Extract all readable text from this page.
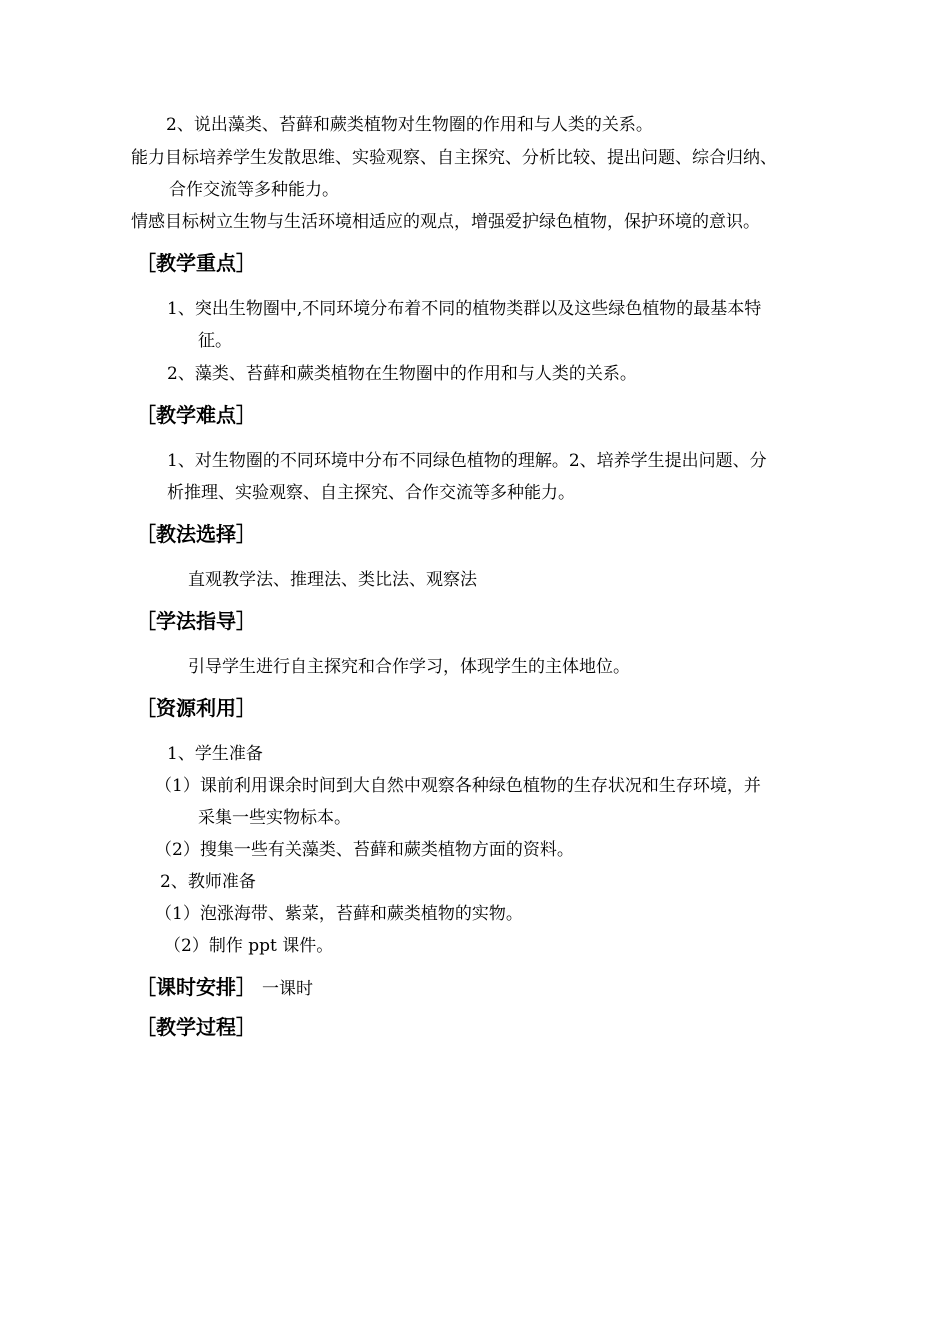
2、说出藻类、苔藓和蕨类植物对生物圈的作用和与人类的关系。
能力目标培养学生发散思维、实验观察、自主探究、分析比较、提出问题、综合归纳、
合作交流等多种能力。
情感目标树立生物与生活环境相适应的观点，增强爱护绿色植物，保护环境的意识。
［教学重点］
1、突出生物圈中,不同环境分布着不同的植物类群以及这些绿色植物的最基本特
征。
2、藻类、苔藓和蕨类植物在生物圈中的作用和与人类的关系。
［教学难点］
1、对生物圈的不同环境中分布不同绿色植物的理解。2、培养学生提出问题、分
析推理、实验观察、自主探究、合作交流等多种能力。
［教法选择］
直观教学法、推理法、类比法、观察法
［学法指导］
引导学生进行自主探究和合作学习，体现学生的主体地位。
［资源利用］
1、学生准备
（1）课前利用课余时间到大自然中观察各种绿色植物的生存状况和生存环境，并
采集一些实物标本。
（2）搜集一些有关藻类、苔藓和蕨类植物方面的资料。
2、教师准备
（1）泡涨海带、紫菜，苔藓和蕨类植物的实物。
（2）制作 ppt 课件。
［课时安排］ 一课时
［教学过程］
